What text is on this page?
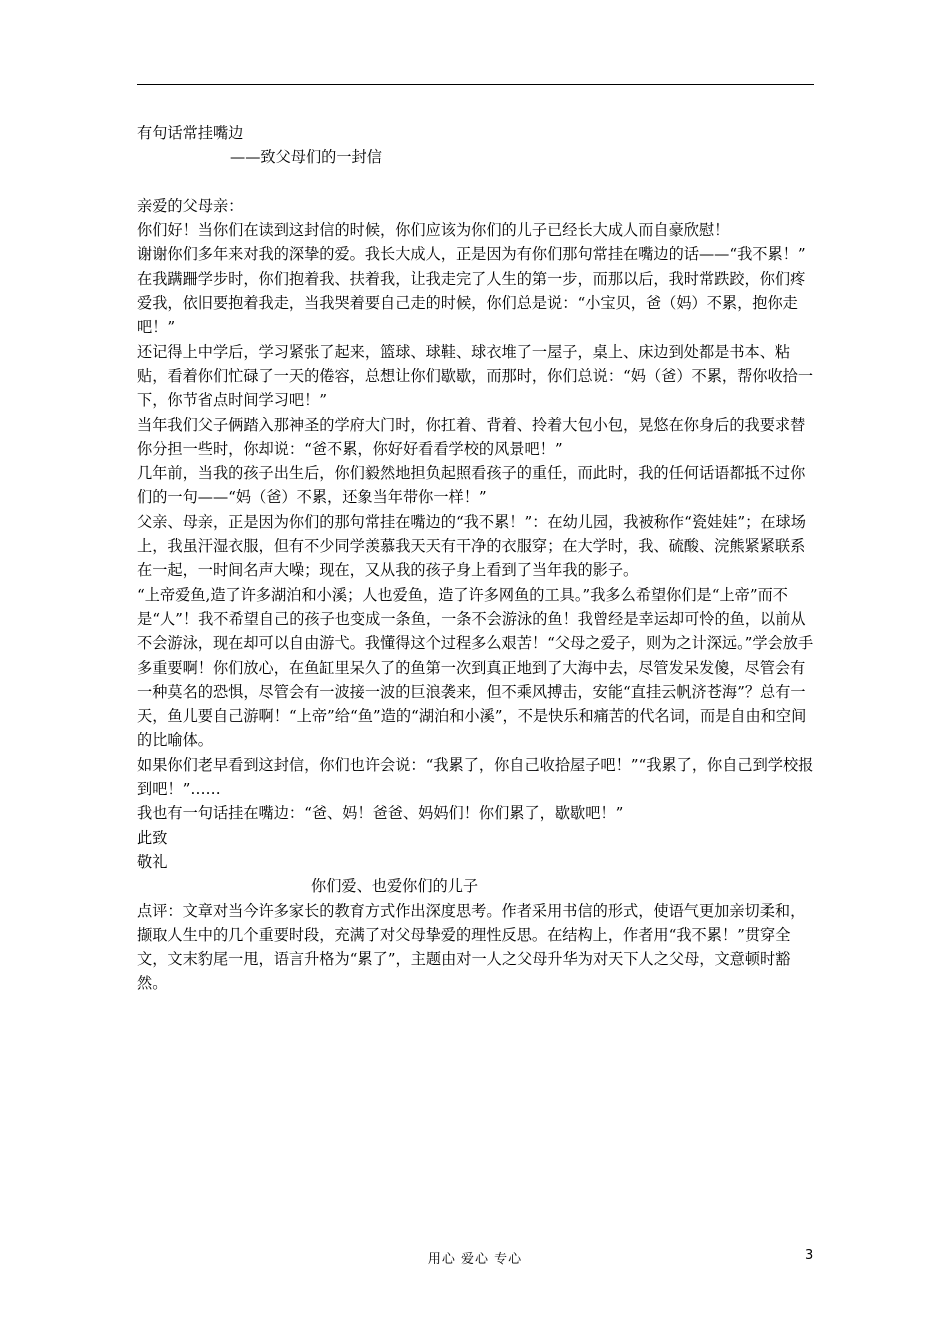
有句话常挂嘴边

——致父母们的一封信

亲爱的父母亲：

你们好！当你们在读到这封信的时候，你们应该为你们的儿子已经长大成人而自豪欣慰！

谢谢你们多年来对我的深挚的爱。我长大成人，正是因为有你们那句常挂在嘴边的话——“我不累！”

在我蹒跚学步时，你们抱着我、扶着我，让我走完了人生的第一步，而那以后，我时常跌跤，你们疼爱我，依旧要抱着我走，当我哭着要自己走的时候，你们总是说：“小宝贝，爸（妈）不累，抱你走吧！”

还记得上中学后，学习紧张了起来，篮球、球鞋、球衣堆了一屋子，桌上、床边到处都是书本、粘贴，看着你们忙碌了一天的倦容，总想让你们歇歇，而那时，你们总说：“妈（爸）不累，帮你收拾一下，你节省点时间学习吧！”

当年我们父子俩踏入那神圣的学府大门时，你扛着、背着、拎着大包小包，晃悠在你身后的我要求替你分担一些时，你却说：“爸不累，你好好看看学校的风景吧！”

几年前，当我的孩子出生后，你们毅然地担负起照看孩子的重任，而此时，我的任何话语都抵不过你们的一句——“妈（爸）不累，还象当年带你一样！”

父亲、母亲，正是因为你们的那句常挂在嘴边的“我不累！”：在幼儿园，我被称作“瓷娃娃”；在球场上，我虽汗湿衣服，但有不少同学羡慕我天天有干净的衣服穿；在大学时，我、硫酸、浣熊紧紧联系在一起，一时间名声大噪；现在，又从我的孩子身上看到了当年我的影子。

“上帝爱鱼,造了许多湖泊和小溪；人也爱鱼，造了许多网鱼的工具。”我多么希望你们是“上帝”而不是“人”！我不希望自己的孩子也变成一条鱼，一条不会游泳的鱼！我曾经是幸运却可怜的鱼，以前从不会游泳，现在却可以自由游弋。我懂得这个过程多么艰苦！“父母之爱子，则为之计深远。”学会放手多重要啊！你们放心，在鱼缸里呆久了的鱼第一次到真正地到了大海中去，尽管发呆发傻，尽管会有一种莫名的恐惧，尽管会有一波接一波的巨浪袭来，但不乘风搏击，安能“直挂云帆济苍海”？总有一天，鱼儿要自己游啊！“上帝”给“鱼”造的“湖泊和小溪”，不是快乐和痛苦的代名词，而是自由和空间的比喻体。

如果你们老早看到这封信，你们也许会说：“我累了，你自己收拾屋子吧！”“我累了，你自己到学校报到吧！”……

我也有一句话挂在嘴边：“爸、妈！爸爸、妈妈们！你们累了，歇歇吧！”

此致

敬礼

你们爱、也爱你们的儿子

点评：文章对当今许多家长的教育方式作出深度思考。作者采用书信的形式，使语气更加亲切柔和，撷取人生中的几个重要时段，充满了对父母挚爱的理性反思。在结构上，作者用“我不累！”贯穿全文，文末豹尾一甩，语言升格为“累了”，主题由对一人之父母升华为对天下人之父母，文意顿时豁然。

用心 爱心 专心	3
